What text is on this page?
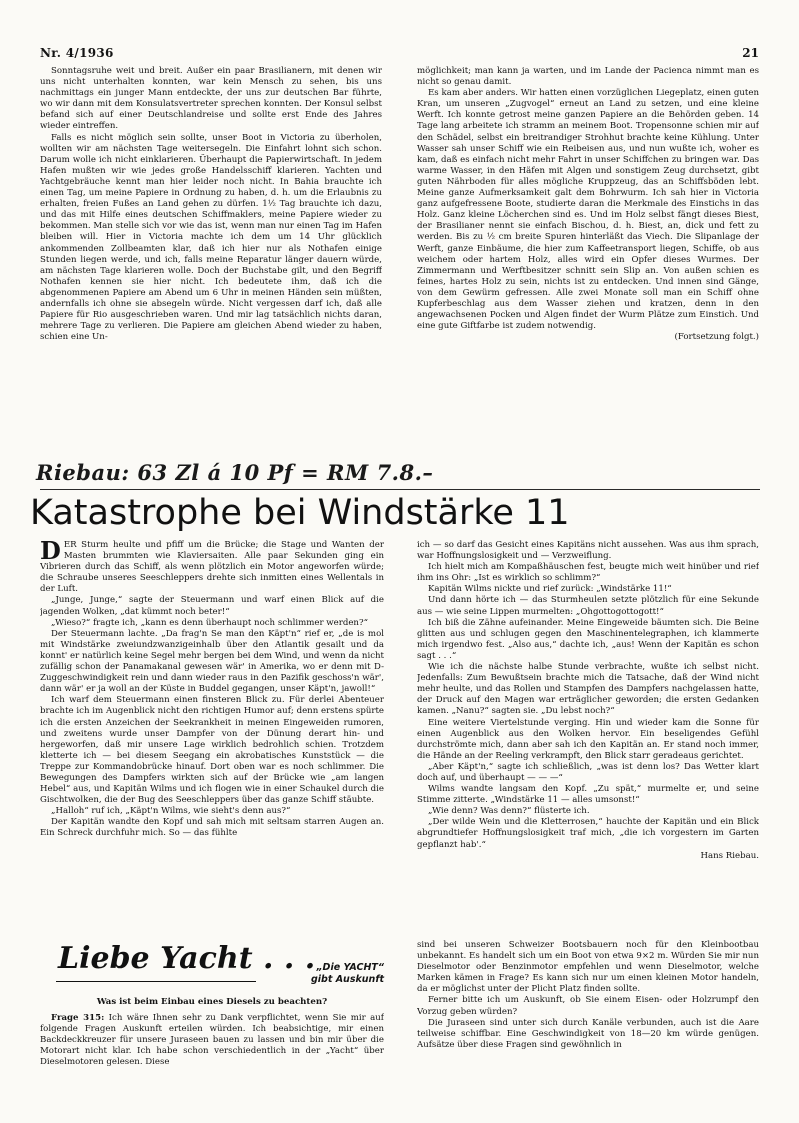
Nr. 4/1936	21

Sonntagsruhe weit und breit. Außer ein paar Brasilianern, mit denen wir uns nicht unterhalten konnten, war kein Mensch zu sehen, bis uns nachmittags ein junger Mann entdeckte, der uns zur deutschen Bar führte, wo wir dann mit dem Konsulatsvertreter sprechen konnten. Der Konsul selbst befand sich auf einer Deutschlandreise und sollte erst Ende des Jahres wieder eintreffen.

Falls es nicht möglich sein sollte, unser Boot in Victoria zu überholen, wollten wir am nächsten Tage weitersegeln. Die Einfahrt lohnt sich schon. Darum wolle ich nicht einklarieren. Überhaupt die Papierwirtschaft. In jedem Hafen mußten wir wie jedes große Handelsschiff klarieren. Yachten und Yachtgebräuche kennt man hier leider noch nicht. In Bahia brauchte ich einen Tag, um meine Papiere in Ordnung zu haben, d. h. um die Erlaubnis zu erhalten, freien Fußes an Land gehen zu dürfen. 1½ Tag brauchte ich dazu, und das mit Hilfe eines deutschen Schiffmaklers, meine Papiere wieder zu bekommen. Man stelle sich vor wie das ist, wenn man nur einen Tag im Hafen bleiben will. Hier in Victoria machte ich dem um 14 Uhr glücklich ankommenden Zollbeamten klar, daß ich hier nur als Nothafen einige Stunden liegen werde, und ich, falls meine Reparatur länger dauern würde, am nächsten Tage klarieren wolle. Doch der Buchstabe gilt, und den Begriff Nothafen kennen sie hier nicht. Ich bedeutete ihm, daß ich die abgenommenen Papiere am Abend um 6 Uhr in meinen Händen sein müßten, andernfalls ich ohne sie absegeln würde. Nicht vergessen darf ich, daß alle Papiere für Rio ausgeschrieben waren. Und mir lag tatsächlich nichts daran, mehrere Tage zu verlieren. Die Papiere am gleichen Abend wieder zu haben, schien eine Un-

möglichkeit; man kann ja warten, und im Lande der Pacienca nimmt man es nicht so genau damit.

Es kam aber anders. Wir hatten einen vorzüglichen Liegeplatz, einen guten Kran, um unseren „Zugvogel“ erneut an Land zu setzen, und eine kleine Werft. Ich konnte getrost meine ganzen Papiere an die Behörden geben. 14 Tage lang arbeitete ich stramm an meinem Boot. Tropensonne schien mir auf den Schädel, selbst ein breitrandiger Strohhut brachte keine Kühlung. Unter Wasser sah unser Schiff wie ein Reibeisen aus, und nun wußte ich, woher es kam, daß es einfach nicht mehr Fahrt in unser Schiffchen zu bringen war. Das warme Wasser, in den Häfen mit Algen und sonstigem Zeug durchsetzt, gibt guten Nährboden für alles mögliche Kruppzeug, das an Schiffsböden lebt. Meine ganze Aufmerksamkeit galt dem Bohrwurm. Ich sah hier in Victoria ganz aufgefressene Boote, studierte daran die Merkmale des Einstichs in das Holz. Ganz kleine Löcherchen sind es. Und im Holz selbst fängt dieses Biest, der Brasilianer nennt sie einfach Bischou, d. h. Biest, an, dick und fett zu werden. Bis zu ½ cm breite Spuren hinterläßt das Viech. Die Slipanlage der Werft, ganze Einbäume, die hier zum Kaffeetransport liegen, Schiffe, ob aus weichem oder hartem Holz, alles wird ein Opfer dieses Wurmes. Der Zimmermann und Werftbesitzer schnitt sein Slip an. Von außen schien es feines, hartes Holz zu sein, nichts ist zu entdecken. Und innen sind Gänge, von dem Gewürm gefressen. Alle zwei Monate soll man ein Schiff ohne Kupferbeschlag aus dem Wasser ziehen und kratzen, denn in den angewachsenen Pocken und Algen findet der Wurm Plätze zum Einstich. Und eine gute Giftfarbe ist zudem notwendig.

(Fortsetzung folgt.)

Riebau: 63 Zl á 10 Pf = RM 7.8.–
Katastrophe bei Windstärke 11

DER Sturm heulte und pfiff um die Brücke; die Stage und Wanten der Masten brummten wie Klaviersaiten. Alle paar Sekunden ging ein Vibrieren durch das Schiff, als wenn plötzlich ein Motor angeworfen würde; die Schraube unseres Seeschleppers drehte sich inmitten eines Wellentals in der Luft.

„Junge, Junge,“ sagte der Steuermann und warf einen Blick auf die jagenden Wolken, „dat kümmt noch beter!“

„Wieso?“ fragte ich, „kann es denn überhaupt noch schlimmer werden?“

Der Steuermann lachte. „Da frag'n Se man den Käpt'n“ rief er, „de is mol mit Windstärke zweiundzwanzigeinhalb über den Atlantik gesailt und da konnt' er natürlich keine Segel mehr bergen bei dem Wind, und wenn da nicht zufällig schon der Panamakanal gewesen wär' in Amerika, wo er denn mit D-Zuggeschwindigkeit rein und dann wieder raus in den Pazifik geschoss'n wär', dann wär' er ja woll an der Küste in Buddel gegangen, unser Käpt'n, jawoll!“

Ich warf dem Steuermann einen finsteren Blick zu. Für derlei Abenteuer brachte ich im Augenblick nicht den richtigen Humor auf; denn erstens spürte ich die ersten Anzeichen der Seekrankheit in meinen Eingeweiden rumoren, und zweitens wurde unser Dampfer von der Dünung derart hin- und hergeworfen, daß mir unsere Lage wirklich bedrohlich schien. Trotzdem kletterte ich — bei diesem Seegang ein akrobatisches Kunststück — die Treppe zur Kommandobrücke hinauf. Dort oben war es noch schlimmer. Die Bewegungen des Dampfers wirkten sich auf der Brücke wie „am langen Hebel“ aus, und Kapitän Wilms und ich flogen wie in einer Schaukel durch die Gischtwolken, die der Bug des Seeschleppers über das ganze Schiff stäubte.

„Halloh“ ruf ich, „Käpt'n Wilms, wie sieht's denn aus?“

Der Kapitän wandte den Kopf und sah mich mit seltsam starren Augen an. Ein Schreck durchfuhr mich. So — das fühlte

ich — so darf das Gesicht eines Kapitäns nicht aussehen. Was aus ihm sprach, war Hoffnungslosigkeit und — Verzweiflung.

Ich hielt mich am Kompaßhäuschen fest, beugte mich weit hinüber und rief ihm ins Ohr: „Ist es wirklich so schlimm?“

Kapitän Wilms nickte und rief zurück: „Windstärke 11!“

Und dann hörte ich — das Sturmheulen setzte plötzlich für eine Sekunde aus — wie seine Lippen murmelten: „Ohgottogottogott!“

Ich biß die Zähne aufeinander. Meine Eingeweide bäumten sich. Die Beine glitten aus und schlugen gegen den Maschinentelegraphen, ich klammerte mich irgendwo fest. „Also aus,“ dachte ich, „aus! Wenn der Kapitän es schon sagt . . .“

Wie ich die nächste halbe Stunde verbrachte, wußte ich selbst nicht. Jedenfalls: Zum Bewußtsein brachte mich die Tatsache, daß der Wind nicht mehr heulte, und das Rollen und Stampfen des Dampfers nachgelassen hatte, der Druck auf den Magen war erträglicher geworden; die ersten Gedanken kamen. „Nanu?“ sagten sie. „Du lebst noch?“

Eine weitere Viertelstunde verging. Hin und wieder kam die Sonne für einen Augenblick aus den Wolken hervor. Ein beseligendes Gefühl durchströmte mich, dann aber sah ich den Kapitän an. Er stand noch immer, die Hände an der Reeling verkrampft, den Blick starr geradeaus gerichtet.

„Aber Käpt'n,“ sagte ich schließlich, „was ist denn los? Das Wetter klart doch auf, und überhaupt — — —“

Wilms wandte langsam den Kopf. „Zu spät,“ murmelte er, und seine Stimme zitterte. „Windstärke 11 — alles umsonst!“

„Wie denn? Was denn?“ flüsterte ich.

„Der wilde Wein und die Kletterrosen,“ hauchte der Kapitän und ein Blick abgrundtiefer Hoffnungslosigkeit traf mich, „die ich vorgestern im Garten gepflanzt hab'.“

Hans Riebau.

Liebe Yacht . . . „Die YACHT“
gibt Auskunft

Was ist beim Einbau eines Diesels zu beachten?

Frage 315: Ich wäre Ihnen sehr zu Dank verpflichtet, wenn Sie mir auf folgende Fragen Auskunft erteilen würden. Ich beabsichtige, mir einen Backdeckkreuzer für unsere Juraseen bauen zu lassen und bin mir über die Motorart nicht klar. Ich habe schon verschiedentlich in der „Yacht“ über Dieselmotoren gelesen. Diese

sind bei unseren Schweizer Bootsbauern noch für den Kleinbootbau unbekannt. Es handelt sich um ein Boot von etwa 9×2 m. Würden Sie mir nun Dieselmotor oder Benzinmotor empfehlen und wenn Dieselmotor, welche Marken kämen in Frage? Es kann sich nur um einen kleinen Motor handeln, da er möglichst unter der Plicht Platz finden sollte.

Ferner bitte ich um Auskunft, ob Sie einem Eisen- oder Holzrumpf den Vorzug geben würden?

Die Juraseen sind unter sich durch Kanäle verbunden, auch ist die Aare teilweise schiffbar. Eine Geschwindigkeit von 18—20 km würde genügen. Aufsätze über diese Fragen sind gewöhnlich in
